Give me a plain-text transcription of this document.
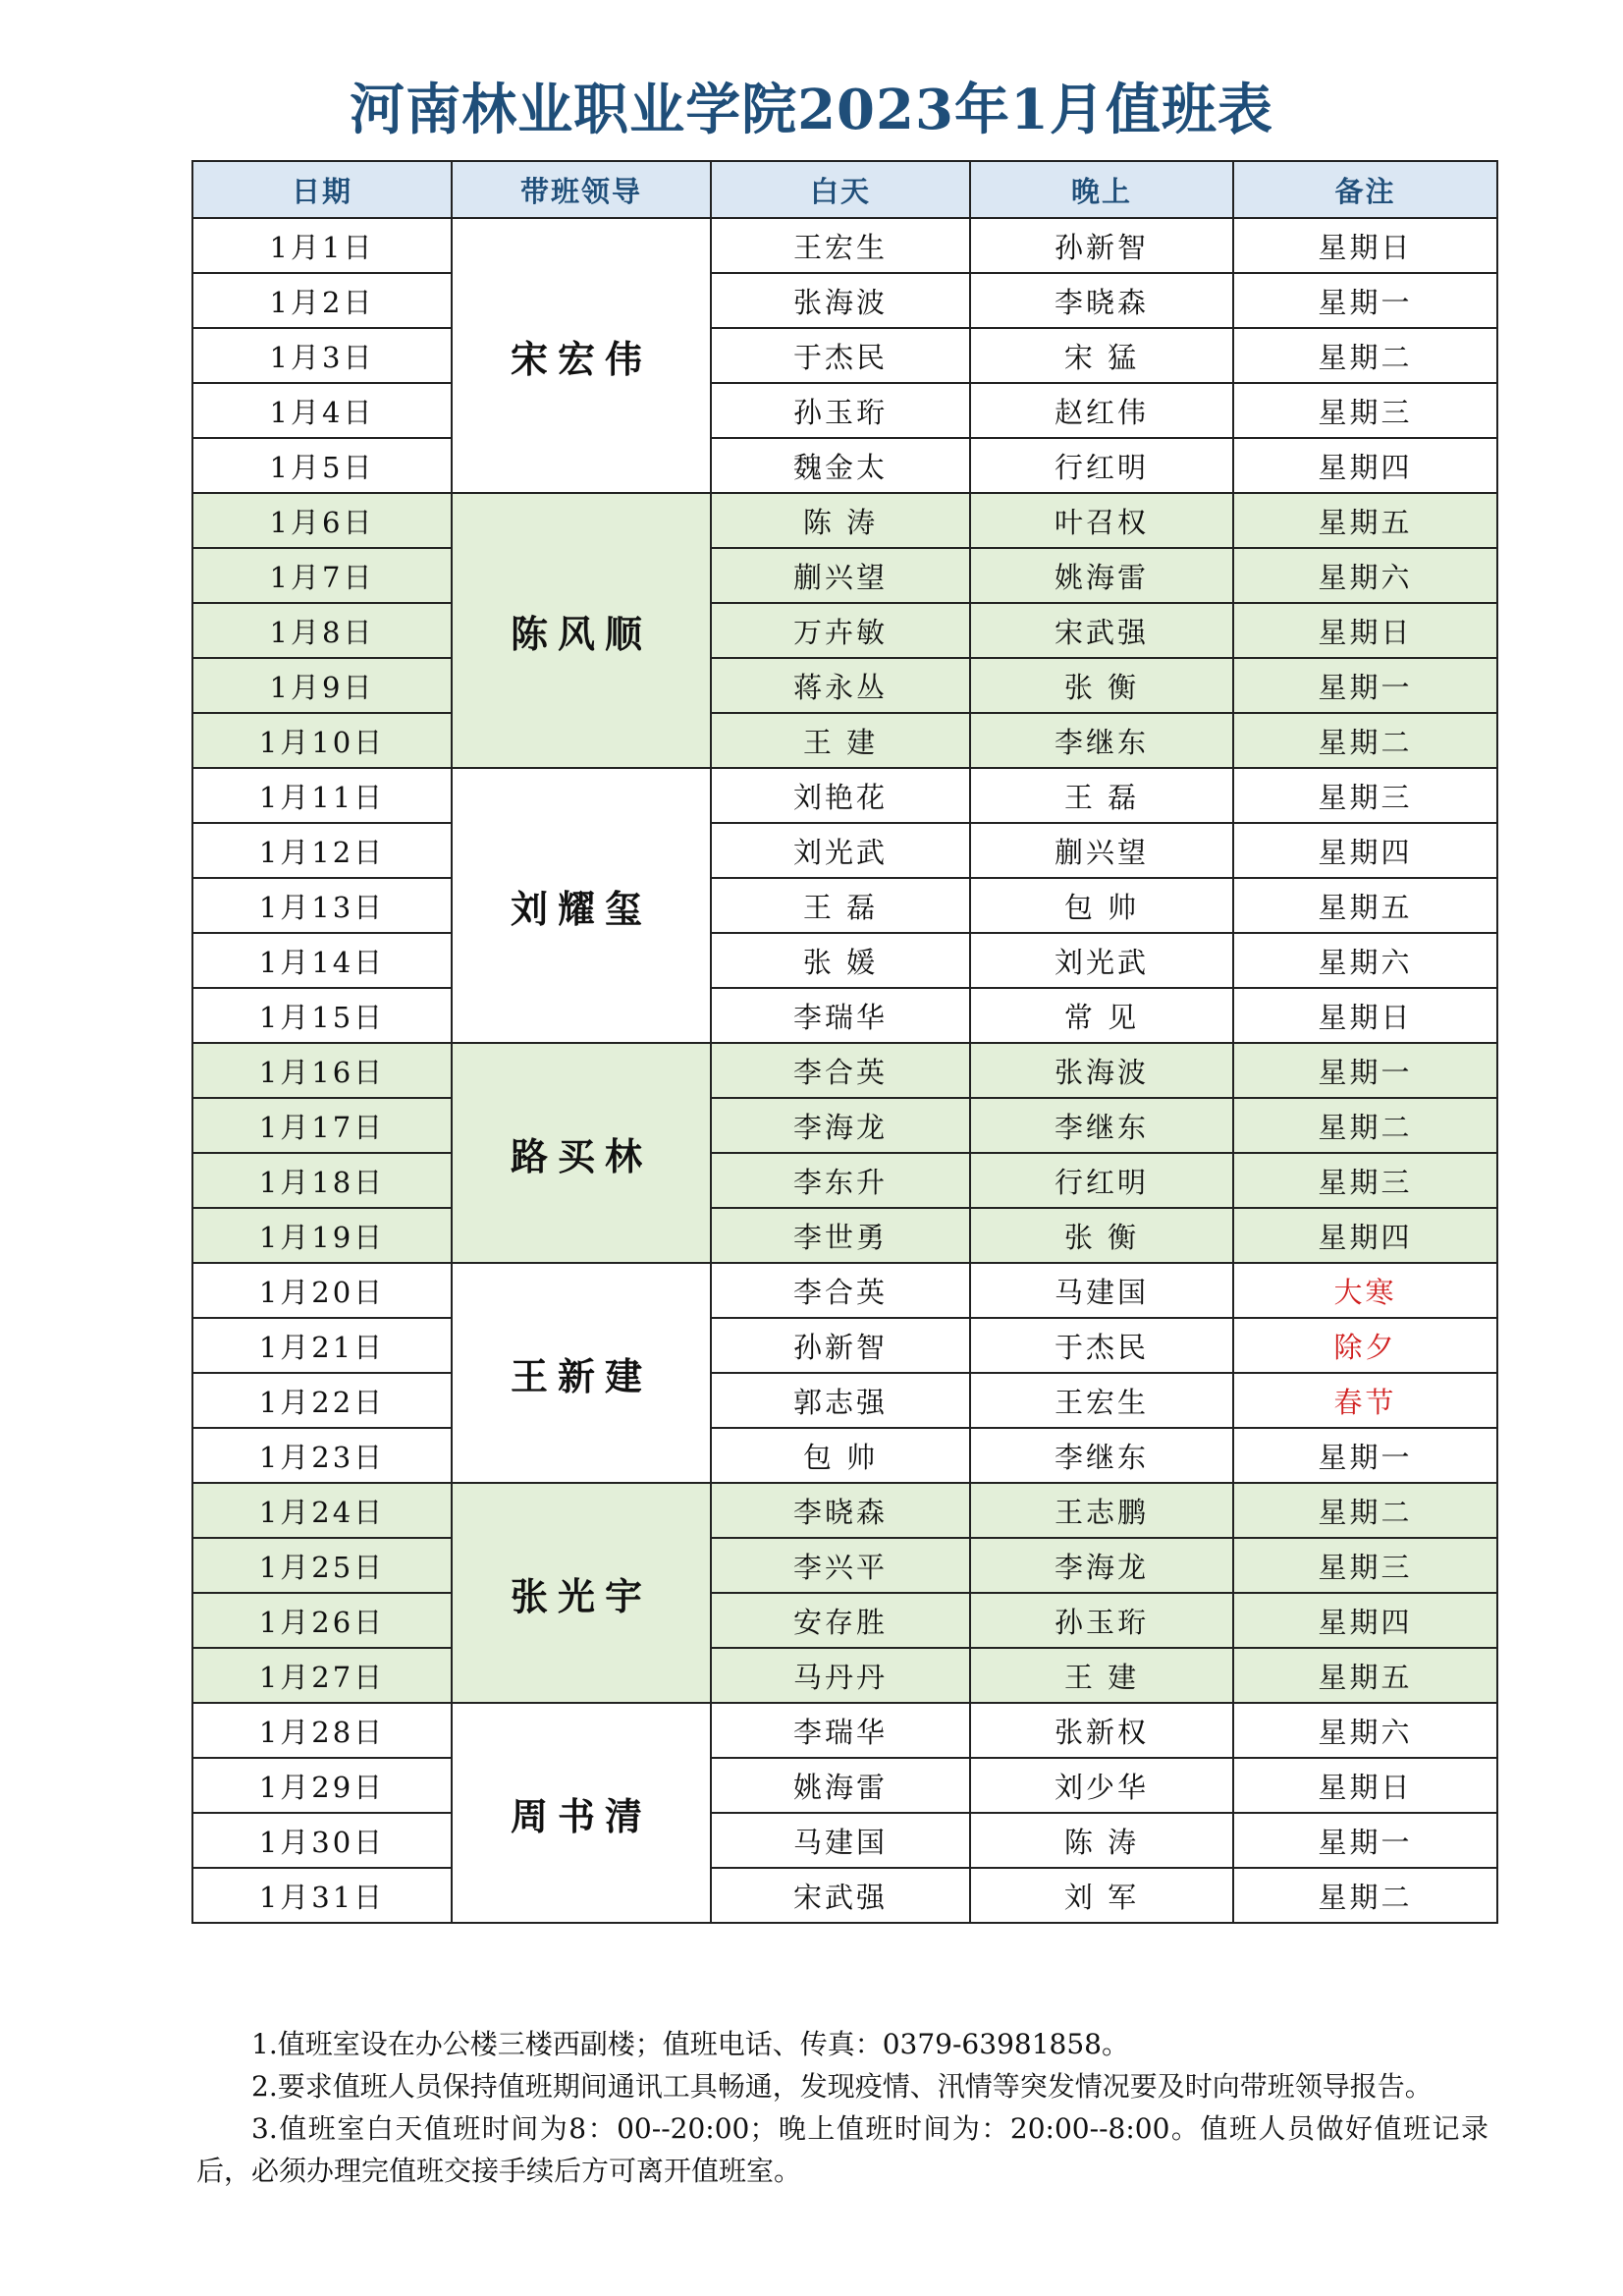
河南林业职业学院2023年1月值班表
日期	带班领导	白天	晚上	备注
1月1日	宋宏伟	王宏生	孙新智	星期日
1月2日		张海波	李晓森	星期一
1月3日		于杰民	宋 猛	星期二
1月4日		孙玉珩	赵红伟	星期三
1月5日		魏金太	行红明	星期四
1月6日	陈风顺	陈 涛	叶召权	星期五
1月7日		蒯兴望	姚海雷	星期六
1月8日		万卉敏	宋武强	星期日
1月9日		蒋永丛	张 衡	星期一
1月10日		王 建	李继东	星期二
1月11日	刘耀玺	刘艳花	王 磊	星期三
1月12日		刘光武	蒯兴望	星期四
1月13日		王 磊	包 帅	星期五
1月14日		张 媛	刘光武	星期六
1月15日		李瑞华	常 见	星期日
1月16日	路买林	李合英	张海波	星期一
1月17日		李海龙	李继东	星期二
1月18日		李东升	行红明	星期三
1月19日		李世勇	张 衡	星期四
1月20日	王新建	李合英	马建国	大寒
1月21日		孙新智	于杰民	除夕
1月22日		郭志强	王宏生	春节
1月23日		包 帅	李继东	星期一
1月24日	张光宇	李晓森	王志鹏	星期二
1月25日		李兴平	李海龙	星期三
1月26日		安存胜	孙玉珩	星期四
1月27日		马丹丹	王 建	星期五
1月28日	周书清	李瑞华	张新权	星期六
1月29日		姚海雷	刘少华	星期日
1月30日		马建国	陈 涛	星期一
1月31日		宋武强	刘 军	星期二

1.值班室设在办公楼三楼西副楼；值班电话、传真：0379-63981858。

2.要求值班人员保持值班期间通讯工具畅通，发现疫情、汛情等突发情况要及时向带班领导报告。

3.值班室白天值班时间为8：00--20:00；晚上值班时间为：20:00--8:00。值班人员做好值班记录后，必须办理完值班交接手续后方可离开值班室。
